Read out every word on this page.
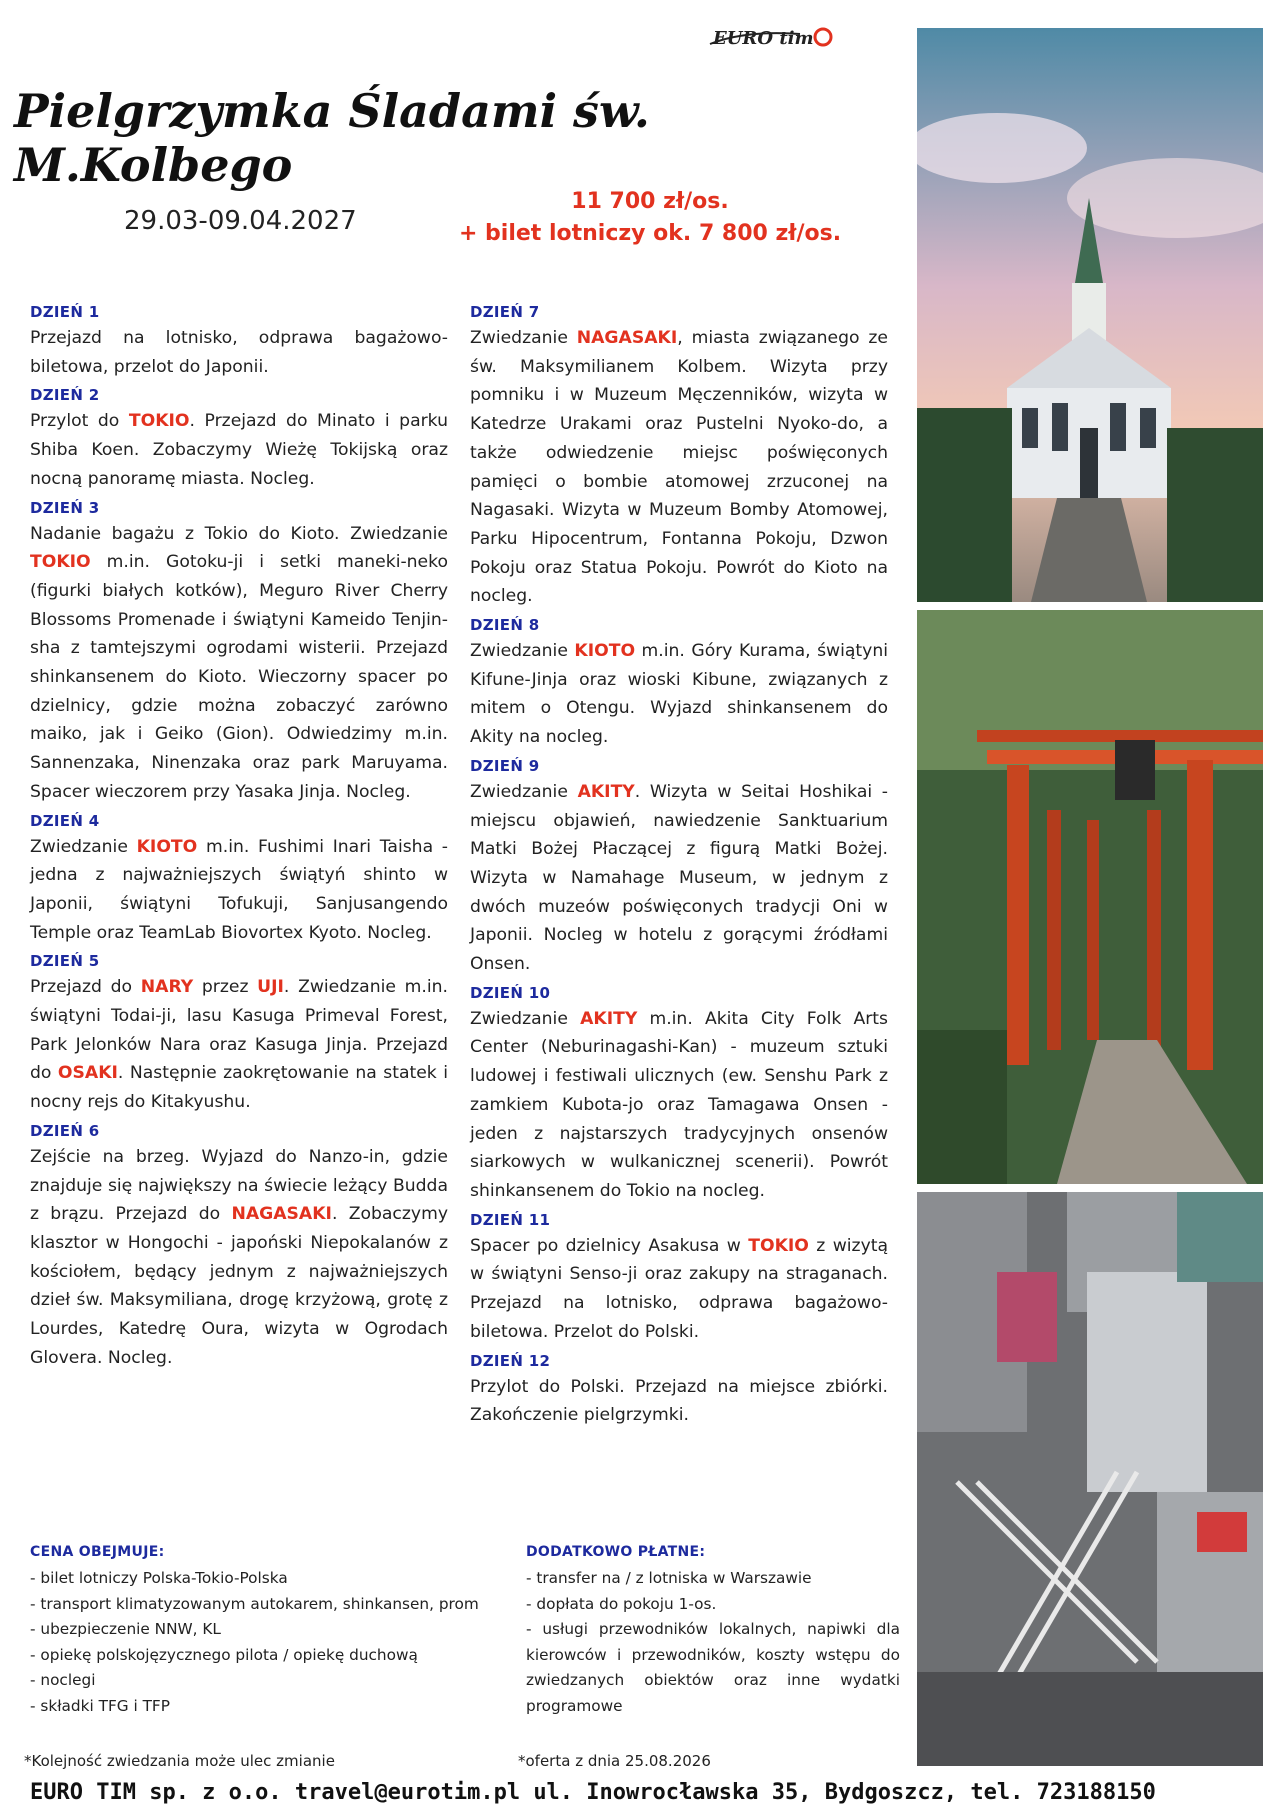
EURO tim
Pielgrzymka Śladami św. M.Kolbego
29.03-09.04.2027
11 700 zł/os.
+ bilet lotniczy ok. 7 800 zł/os.
DZIEŃ 1

Przejazd na lotnisko, odprawa bagażowo-biletowa, przelot do Japonii.

DZIEŃ 2

Przylot do TOKIO. Przejazd do Minato i parku Shiba Koen. Zobaczymy Wieżę Tokijską oraz nocną panoramę miasta. Nocleg.

DZIEŃ 3

Nadanie bagażu z Tokio do Kioto. Zwiedzanie TOKIO m.in. Gotoku-ji i setki maneki-neko (figurki białych kotków), Meguro River Cherry Blossoms Promenade i świątyni Kameido Tenjin-sha z tamtejszymi ogrodami wisterii. Przejazd shinkansenem do Kioto. Wieczorny spacer po dzielnicy, gdzie można zobaczyć zarówno maiko, jak i Geiko (Gion). Odwiedzimy m.in. Sannenzaka, Ninenzaka oraz park Maruyama. Spacer wieczorem przy Yasaka Jinja. Nocleg.

DZIEŃ 4

Zwiedzanie KIOTO m.in. Fushimi Inari Taisha - jedna z najważniejszych świątyń shinto w Japonii, świątyni Tofukuji, Sanjusangendo Temple oraz TeamLab Biovortex Kyoto. Nocleg.

DZIEŃ 5

Przejazd do NARY przez UJI. Zwiedzanie m.in. świątyni Todai-ji, lasu Kasuga Primeval Forest, Park Jelonków Nara oraz Kasuga Jinja. Przejazd do OSAKI. Następnie zaokrętowanie na statek i nocny rejs do Kitakyushu.

DZIEŃ 6

Zejście na brzeg. Wyjazd do Nanzo-in, gdzie znajduje się największy na świecie leżący Budda z brązu. Przejazd do NAGASAKI. Zobaczymy klasztor w Hongochi - japoński Niepokalanów z kościołem, będący jednym z najważniejszych dzieł św. Maksymiliana, drogę krzyżową, grotę z Lourdes, Katedrę Oura, wizyta w Ogrodach Glovera. Nocleg.

DZIEŃ 7

Zwiedzanie NAGASAKI, miasta związanego ze św. Maksymilianem Kolbem. Wizyta przy pomniku i w Muzeum Męczenników, wizyta w Katedrze Urakami oraz Pustelni Nyoko-do, a także odwiedzenie miejsc poświęconych pamięci o bombie atomowej zrzuconej na Nagasaki. Wizyta w Muzeum Bomby Atomowej, Parku Hipocentrum, Fontanna Pokoju, Dzwon Pokoju oraz Statua Pokoju. Powrót do Kioto na nocleg.

DZIEŃ 8

Zwiedzanie KIOTO m.in. Góry Kurama, świątyni Kifune-Jinja oraz wioski Kibune, związanych z mitem o Otengu. Wyjazd shinkansenem do Akity na nocleg.

DZIEŃ 9

Zwiedzanie AKITY. Wizyta w Seitai Hoshikai - miejscu objawień, nawiedzenie Sanktuarium Matki Bożej Płaczącej z figurą Matki Bożej. Wizyta w Namahage Museum, w jednym z dwóch muzeów poświęconych tradycji Oni w Japonii. Nocleg w hotelu z gorącymi źródłami Onsen.

DZIEŃ 10

Zwiedzanie AKITY m.in. Akita City Folk Arts Center (Neburinagashi-Kan) - muzeum sztuki ludowej i festiwali ulicznych (ew. Senshu Park z zamkiem Kubota-jo oraz Tamagawa Onsen - jeden z najstarszych tradycyjnych onsenów siarkowych w wulkanicznej scenerii). Powrót shinkansenem do Tokio na nocleg.

DZIEŃ 11

Spacer po dzielnicy Asakusa w TOKIO z wizytą w świątyni Senso-ji oraz zakupy na straganach. Przejazd na lotnisko, odprawa bagażowo-biletowa. Przelot do Polski.

DZIEŃ 12

Przylot do Polski. Przejazd na miejsce zbiórki. Zakończenie pielgrzymki.

CENA OBEJMUJE:
- bilet lotniczy Polska-Tokio-Polska
- transport klimatyzowanym autokarem, shinkansen, prom
- ubezpieczenie NNW, KL
- opiekę polskojęzycznego pilota / opiekę duchową
- noclegi
- składki TFG i TFP
DODATKOWO PŁATNE:
- transfer na / z lotniska w Warszawie
- dopłata do pokoju 1-os.
- usługi przewodników lokalnych, napiwki dla kierowców i przewodników, koszty wstępu do zwiedzanych obiektów oraz inne wydatki programowe
*Kolejność zwiedzania może ulec zmianie	*oferta z dnia 25.08.2026
EURO TIM sp. z o.o. travel@eurotim.pl ul. Inowrocławska 35, Bydgoszcz, tel. 723188150
